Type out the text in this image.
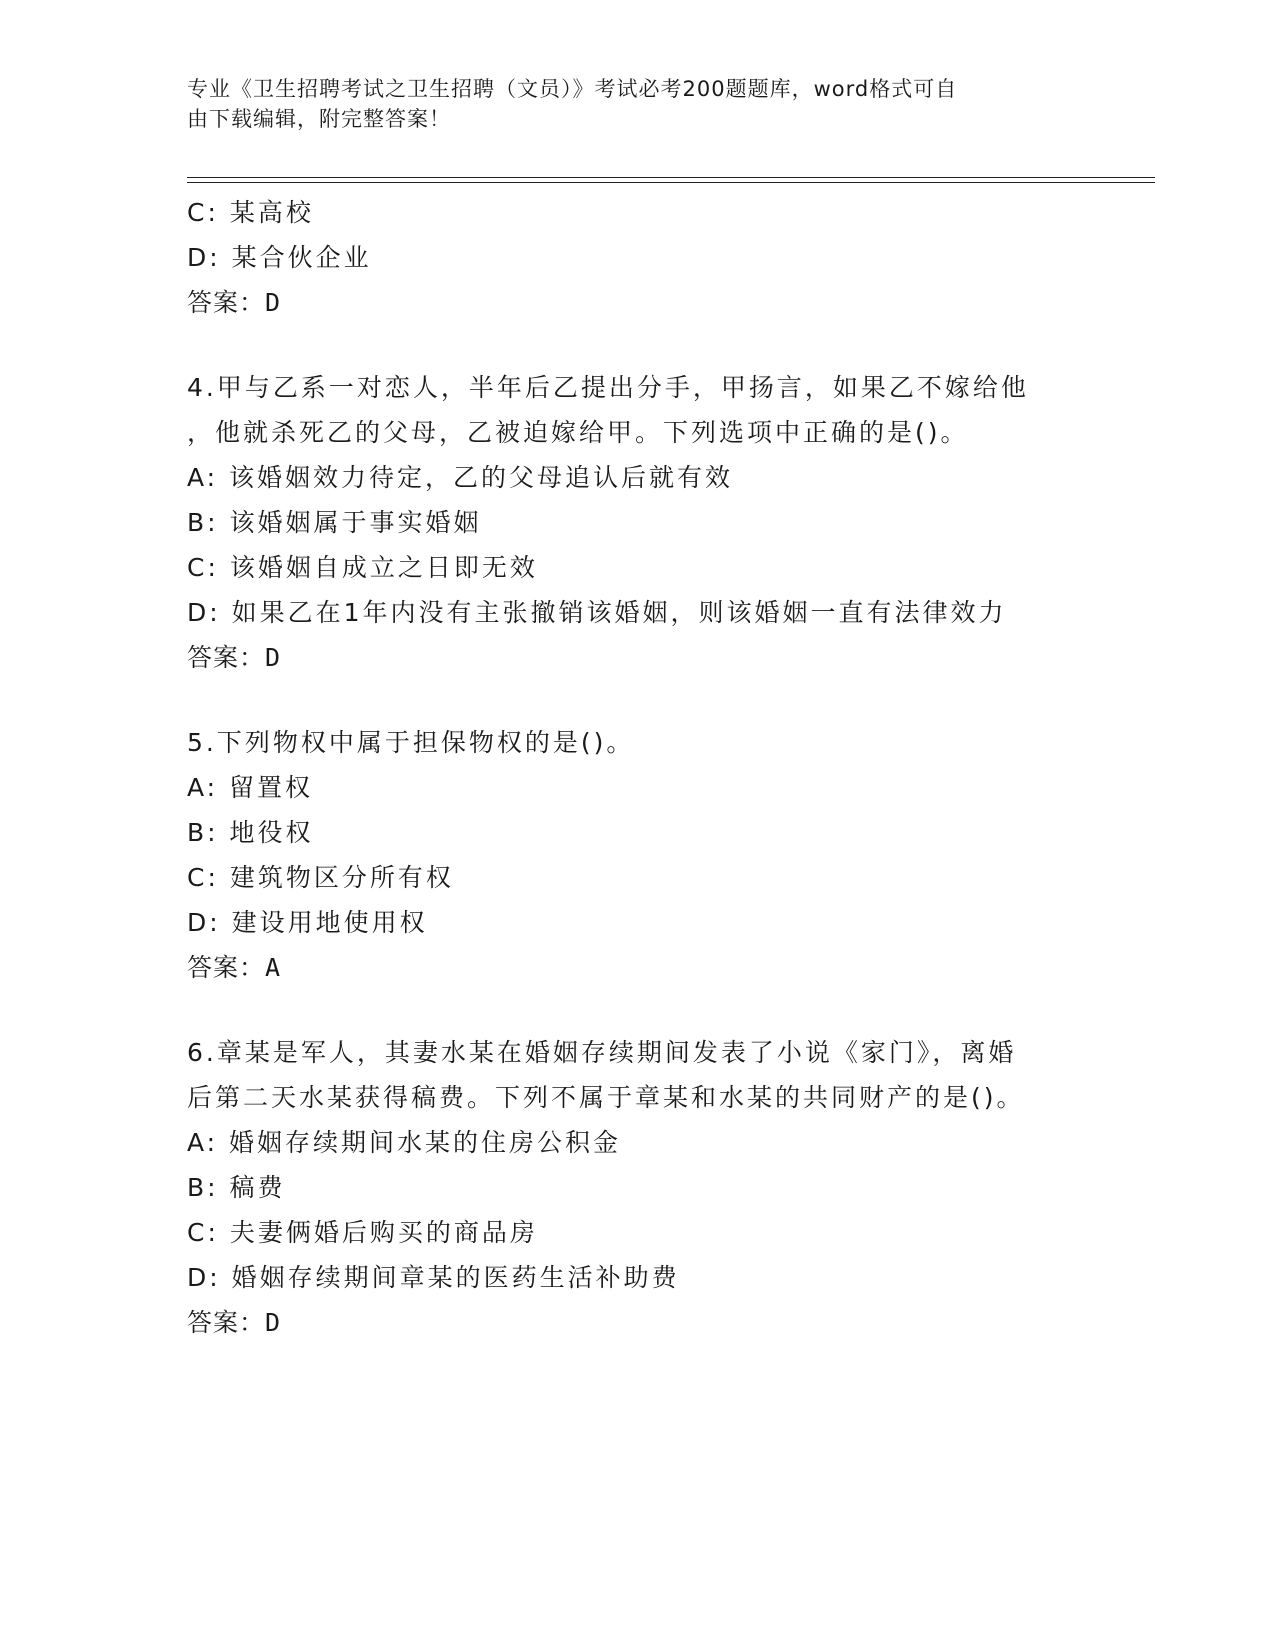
专业《卫生招聘考试之卫生招聘（文员）》考试必考200题题库，word格式可自
由下载编辑，附完整答案！
C: 某高校
D: 某合伙企业
答案：D
4.甲与乙系一对恋人，半年后乙提出分手，甲扬言，如果乙不嫁给他
，他就杀死乙的父母，乙被迫嫁给甲。下列选项中正确的是()。
A: 该婚姻效力待定，乙的父母追认后就有效
B: 该婚姻属于事实婚姻
C: 该婚姻自成立之日即无效
D: 如果乙在1年内没有主张撤销该婚姻，则该婚姻一直有法律效力
答案：D
5.下列物权中属于担保物权的是()。
A: 留置权
B: 地役权
C: 建筑物区分所有权
D: 建设用地使用权
答案：A
6.章某是军人，其妻水某在婚姻存续期间发表了小说《家门》，离婚
后第二天水某获得稿费。下列不属于章某和水某的共同财产的是()。
A: 婚姻存续期间水某的住房公积金
B: 稿费
C: 夫妻俩婚后购买的商品房
D: 婚姻存续期间章某的医药生活补助费
答案：D
